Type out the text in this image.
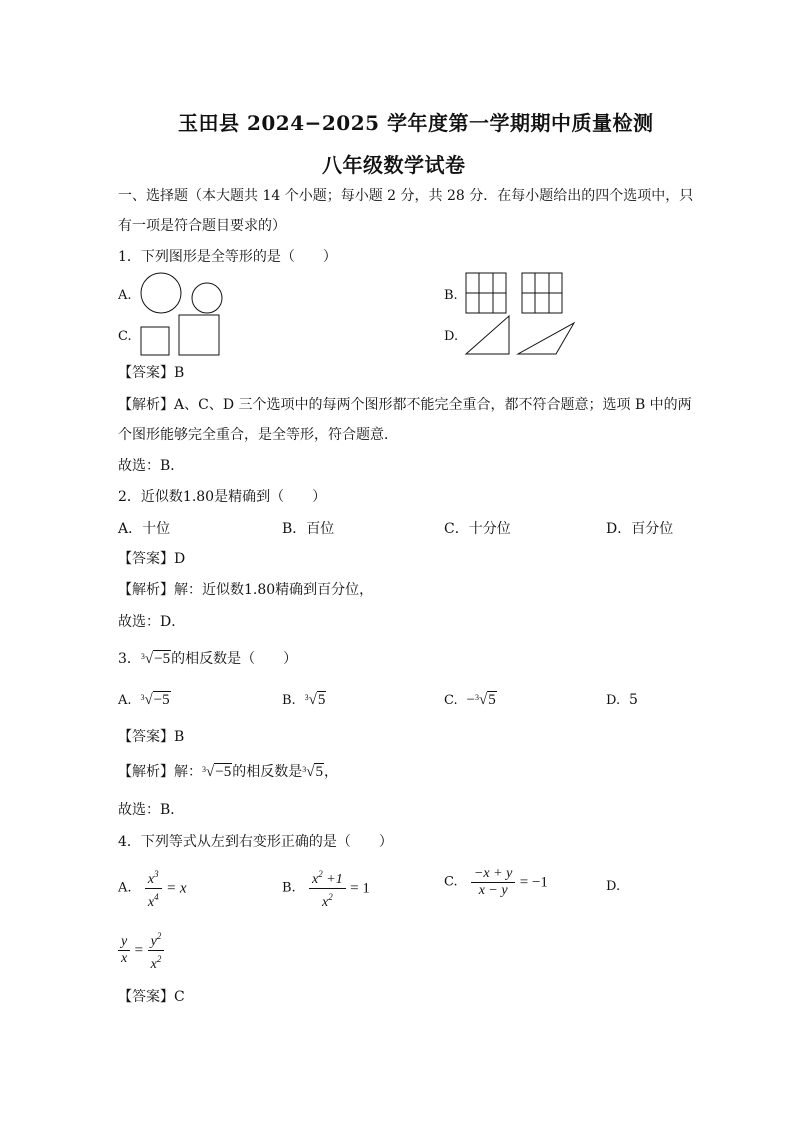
玉田县 2024−2025 学年度第一学期期中质量检测
八年级数学试卷
一、选择题（本大题共 14 个小题；每小题 2 分，共 28 分．在每小题给出的四个选项中，只
有一项是符合题目要求的）
1．下列图形是全等形的是（　　）
A.	B.
C.	D.
【答案】B
【解析】A、C、D 三个选项中的每两个图形都不能完全重合，都不符合题意；选项 B 中的两
个图形能够完全重合，是全等形，符合题意．
故选：B．
2．近似数1.80是精确到（　　）
A．十位	B．百位	C．十分位	D．百分位
【答案】D
【解析】解：近似数1.80精确到百分位，
故选：D．
3． 3 √−5的相反数是（　　）
A. 3 √−5	B. 3 √5	C. − 3 √5	D. 5
【答案】B
【解析】解： 3 √−5的相反数是 3 √5，
故选：B．
4．下列等式从左到右变形正确的是（　　）
A. $\frac{x^3}{x^4} = x$	B. $\frac{x^2 +1}{x^2} = 1$	C. $\frac{-x + y}{x - y} = -1$	D.
$\frac{y}{x} = \frac{y^2}{x^2}$
【答案】C
